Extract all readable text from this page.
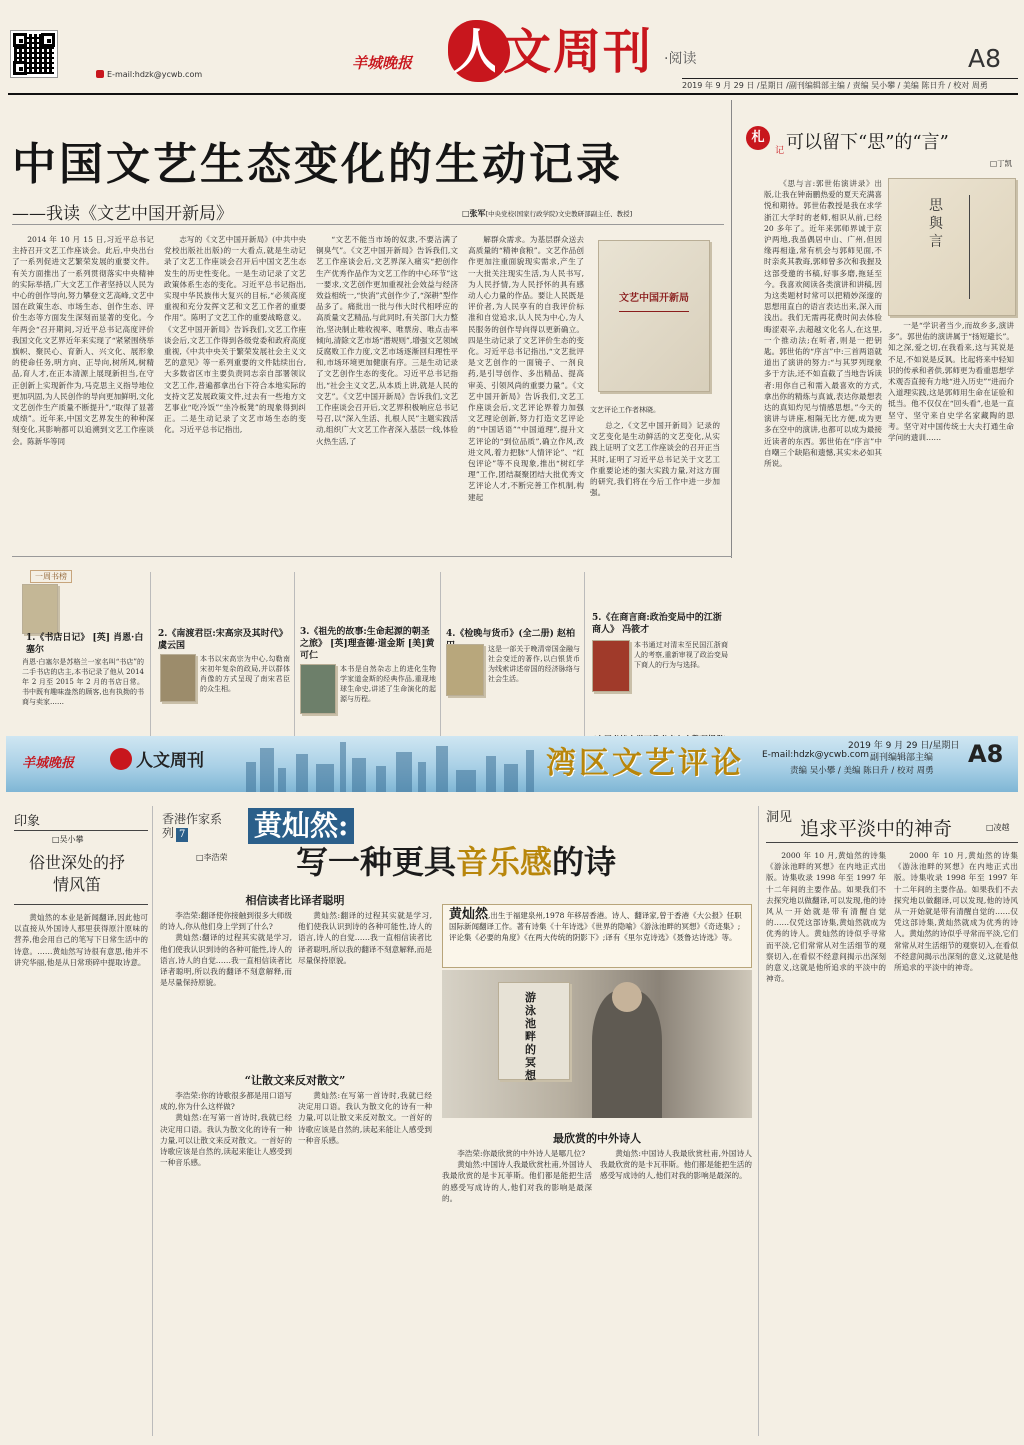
E-mail:hdzk@ycwb.com
羊城晚报 人文周刊 ·阅读	A8
2019 年 9 月 29 日 /星期日 /副刊编辑部主编 / 责编 吴小攀 / 美编 陈日升 / 校对 周勇
中国文艺生态变化的生动记录
——我读《文艺中国开新局》	□张军[中央党校(国家行政学院)文史教研部副主任、教授]

2014 年 10 月 15 日,习近平总书记主持召开文艺工作座谈会。此后,中央出台了一系列促进文艺繁荣发展的重要文件。有关方面推出了一系列贯彻落实中央精神的实际举措,广大文艺工作者坚持以人民为中心的创作导向,努力攀登文艺高峰,文艺中国在政策生态、市场生态、创作生态、评价生态等方面发生深刻而显著的变化。今年两会“召开期间,习近平总书记高度评价我国文化文艺界近年来实现了“紧紧围绕举旗帜、聚民心、育新人、兴文化、展形象的使命任务,明方向、正导向,树所风,树精品,育人才,在正本清源上展现新担当,在守正创新上实现新作为,马克思主义指导地位更加巩固,为人民创作的导向更加鲜明,文化文艺创作生产质量不断提升”,“取得了显著成绩”。近年来,中国文艺界发生的种种深刻变化,其影响都可以追溯到文艺工作座谈会。陈新华等同

志写的《文艺中国开新局》(中共中央党校出版社出版)的一大看点,就是生动记录了文艺工作座谈会召开后中国文艺生态发生的历史性变化。一是生动记录了文艺政策体系生态的变化。习近平总书记指出,实现中华民族伟大复兴的目标,“必须高度重视和充分发挥文艺和文艺工作者的重要作用”。陈明了文艺工作的重要战略意义。《文艺中国开新局》告诉我们,文艺工作座谈会后,文艺工作得到各级党委和政府高度重视,《中共中央关于繁荣发展社会主义文艺的意见》等一系列重要的文件陆续出台,大多数省区市主要负责同志亲自部署领议文艺工作,普遍都拿出台下符合本地实际的支持文艺发展政策文件,过去有一些地方文艺事业“吃冷饭”“坐冷板凳”的现象得到纠正。二是生动记录了文艺市场生态的变化。习近平总书记指出,

“文艺不能当市场的奴隶,不要沾满了铜臭气”。《文艺中国开新局》告诉我们,文艺工作座谈会后,文艺界深入痛实“把创作生产优秀作品作为文艺工作的中心环节”这一要求,文艺创作更加重视社会效益与经济效益相统一,“快消”式创作少了,“深耕”型作品多了。痛批出一批与伟大时代相呼应的高质量文艺精品,与此同时,有关部门大力整治,坚决制止唯收视率、唯票房、唯点击率倾向,清除文艺市场“潜规则”,增强文艺领域反腐败工作力度,文艺市场逐渐回归理性平和,市场环境更加健康有序。三是生动记录了文艺创作生态的变化。习近平总书记指出,“社会主义文艺,从本质上讲,就是人民的文艺”。《文艺中国开新局》告诉我们,文艺工作座谈会召开后,文艺界积极响应总书记号召,以“深入生活、扎根人民”主题实践活动,组织广大文艺工作者深入基层一线,体验火热生活,了

解群众需求。为基层群众送去高质量的“精神食粮”。文艺作品创作更加注重面貌现实需求,产生了一大批关注现实生活,为人民书写,为人民抒情,为人民抒怀的具有感动人心力量的作品。要让人民既是评价者,为人民享有的自我评价标准和自觉追求,认人民为中心,为人民服务的创作导向得以更新确立。四是生动记录了文艺评价生态的变化。习近平总书记指出,“文艺批评是文艺创作的一面镜子、一剂良药,是引导创作、多出精品、提高审美、引领风尚的重要力量”。《文艺中国开新局》告诉我们,文艺工作座谈会后,文艺评论界着力加强文艺理论创新,努力打造文艺评论的“中国话语”“中国道理”,提升文艺评论的“到位品质”,确立作风,改进文风,着力把脉“人情评论”、“红包评论”等不良现象,推出“树红学理”工作,团结凝聚团结大批优秀文艺评论人才,不断完善工作机制,构建起

文艺中国开新局
文艺评论工作者林晓。

总之,《文艺中国开新局》记录的文艺变化是生动鲜活的文艺变化,从实践上证明了文艺工作座谈会的召开正当其时,证明了习近平总书记关于文艺工作重要论述的强大实践力量,对这方面的研究,我们将在今后工作中进一步加强。

札 记 可以留下“思”的“言”
□丁凯

《思与言:郭世佑演讲录》出版,让我在钟南鹏热爱的夏天充满喜悦和期待。郭世佑教授是我在求学浙江大学时的老师,相识从前,已经 20 多年了。近年来郭师界诚于京沪两地,我虽偶居中山、广州,但因缘再相逢,常有机会与郭师见面,不时亲炙其教诲,郭师曾多次和我握及这部受邀的书稿,好事多磨,拖延至今。我喜欢阅读各类演讲和讲稿,因为这类题材时常可以把精妙深邃的思想用直白的语言表达出来,深入而浅出。我们无需再花费时间去体验晦涩艰辛,去超越文化名人,在这里,一个推动法;在听者,则是一把钥匙。郭世佑的“序言”中:三首两语就道出了演讲的努力:“与其罗列现象多于方法,还不如直截了当地告诉读者:用你自己和需入最喜欢的方式,拿出你的精炼与真诚,表达你最想表达的真知灼见与情感思想。”今天的演讲与讲座,相隔无比方便,成为更多在空中的演讲,也都可以成为最接近读者的东西。郭世佑在“序言”中自嘲三个缺陷和遗憾,其实未必如其所说。

思與言

一是“学识者当少,而故乡多,演讲多”。郭世佑的演讲属于“扬短避长”。知之深,爱之切,在我看来,这与其说是不足,不如说是反讽。比起将来中轻知识的传承和者供,郭师更为看重思想学术观否直接有力地“进入历史”“进而介入道理实践,这是郭师用生命在证验和抵当。他不仅仅在“回头看”,也是一直坚守、坚守来自史学名家藏陶的思考。坚守对中国传统士大夫打通生命学问的遗训……

一周书榜
1.《书店日记》 [英] 肖恩·白塞尔
肖恩·白塞尔是苏格兰一家名叫“书店”的二手书店的店主,本书记录了他从 2014 年 2 月至 2015 年 2 月的书店日常。书中既有趣味盎然的顾客,也有执拗的书商与卖家……
2.《南渡君臣:宋高宗及其时代》 虞云国
本书以宋高宗为中心,勾勒南宋初年复杂的政局,并以群体肖像的方式呈现了南宋君臣的众生相。
3.《祖先的故事:生命起源的朝圣之旅》 [英]理查德·道金斯 [美]黄可仁
本书是自然杂志上的进化生物学家道金斯的经典作品,重现地球生命史,讲述了生命演化的起源与历程。
4.《检晚与货币》(全二册) 赵柏
这是一部关于晚清帝国金融与社会变迁的著作,以白银货币为线索讲述帝国的经济脉络与社会生活。
5.《在商言商:政治变局中的江浙商人》 冯筱才
本书通过对清末至民国江浙商人的考察,重新审视了政治变局下商人的行为与选择。
羊城晚报	人文周刊	湾区文艺评论 E-mail:hdzk@ycwb.com 副刊编辑部主编
2019 年 9 月 29 日/星期日
责编 吴小攀 / 美编 陈日升 / 校对 周勇
A8
印象
□吴小攀
俗世深处的抒情风笛

黄灿然的本业是新闻翻译,因此他可以直接从外国诗人那里获得原汁原味的营养,他会用自己的笔写下日常生活中的诗意。……黄灿然写诗很有意思,他并不讲究华丽,他是从日常琐碎中提取诗意。

香港作家系列 7
□李浩荣
黄灿然:
写一种更具音乐感的诗
相信读者比译者聪明

李浩荣:翻译使你接触到很多大师级的诗人,你从他们身上学到了什么?

黄灿然:翻译的过程其实就是学习,他们使我认识到诗的各种可能性,诗人的语言,诗人的自觉……我一直相信读者比译者聪明,所以我的翻译不刻意解释,而是尽量保持原貌。

黄灿然:翻译的过程其实就是学习,他们使我认识到诗的各种可能性,诗人的语言,诗人的自觉……我一直相信读者比译者聪明,所以我的翻译不刻意解释,而是尽量保持原貌。

黄灿然,出生于福建泉州,1978 年移居香港。诗人、翻译家,曾于香港《大公报》任职国际新闻翻译工作。著有诗集《十年诗选》《世界的隐喻》《游泳池畔的冥想》《奇迹集》;评论集《必要的角度》《在两大传统的阴影下》;译有《里尔克诗选》《聂鲁达诗选》等。
游泳池畔的冥想
“让散文来反对散文”

李浩荣:你的诗歌很多都是用口语写成的,你为什么这样做?

黄灿然:在写第一首诗时,我就已经决定用口语。我认为散文化的诗有一种力量,可以让散文来反对散文。一首好的诗歌应该是自然的,读起来能让人感受到一种音乐感。

黄灿然:在写第一首诗时,我就已经决定用口语。我认为散文化的诗有一种力量,可以让散文来反对散文。一首好的诗歌应该是自然的,读起来能让人感受到一种音乐感。	最欣赏的中外诗人

李浩荣:你最欣赏的中外诗人是哪几位?

黄灿然:中国诗人我最欣赏杜甫,外国诗人我最欣赏的是卡瓦菲斯。他们都是能把生活的感受写成诗的人,他们对我的影响是最深的。

黄灿然:中国诗人我最欣赏杜甫,外国诗人我最欣赏的是卡瓦菲斯。他们都是能把生活的感受写成诗的人,他们对我的影响是最深的。

洞见
追求平淡中的神奇	□凌越

2000 年 10 月,黄灿然的诗集《游泳池畔的冥想》在内地正式出版。诗集收录 1998 年至 1997 年十二年间的主要作品。如果我们不去探究地以做翻译,可以发现,他的诗风从一开始就是带有清醒自觉的……仅凭这部诗集,黄灿然就成为优秀的诗人。黄灿然的诗似乎寻常而平淡,它们常常从对生活细节的观察切入,在看似不经意间揭示出深刻的意义,这就是他所追求的平淡中的神奇。

2000 年 10 月,黄灿然的诗集《游泳池畔的冥想》在内地正式出版。诗集收录 1998 年至 1997 年十二年间的主要作品。如果我们不去探究地以做翻译,可以发现,他的诗风从一开始就是带有清醒自觉的……仅凭这部诗集,黄灿然就成为优秀的诗人。黄灿然的诗似乎寻常而平淡,它们常常从对生活细节的观察切入,在看似不经意间揭示出深刻的意义,这就是他所追求的平淡中的神奇。
